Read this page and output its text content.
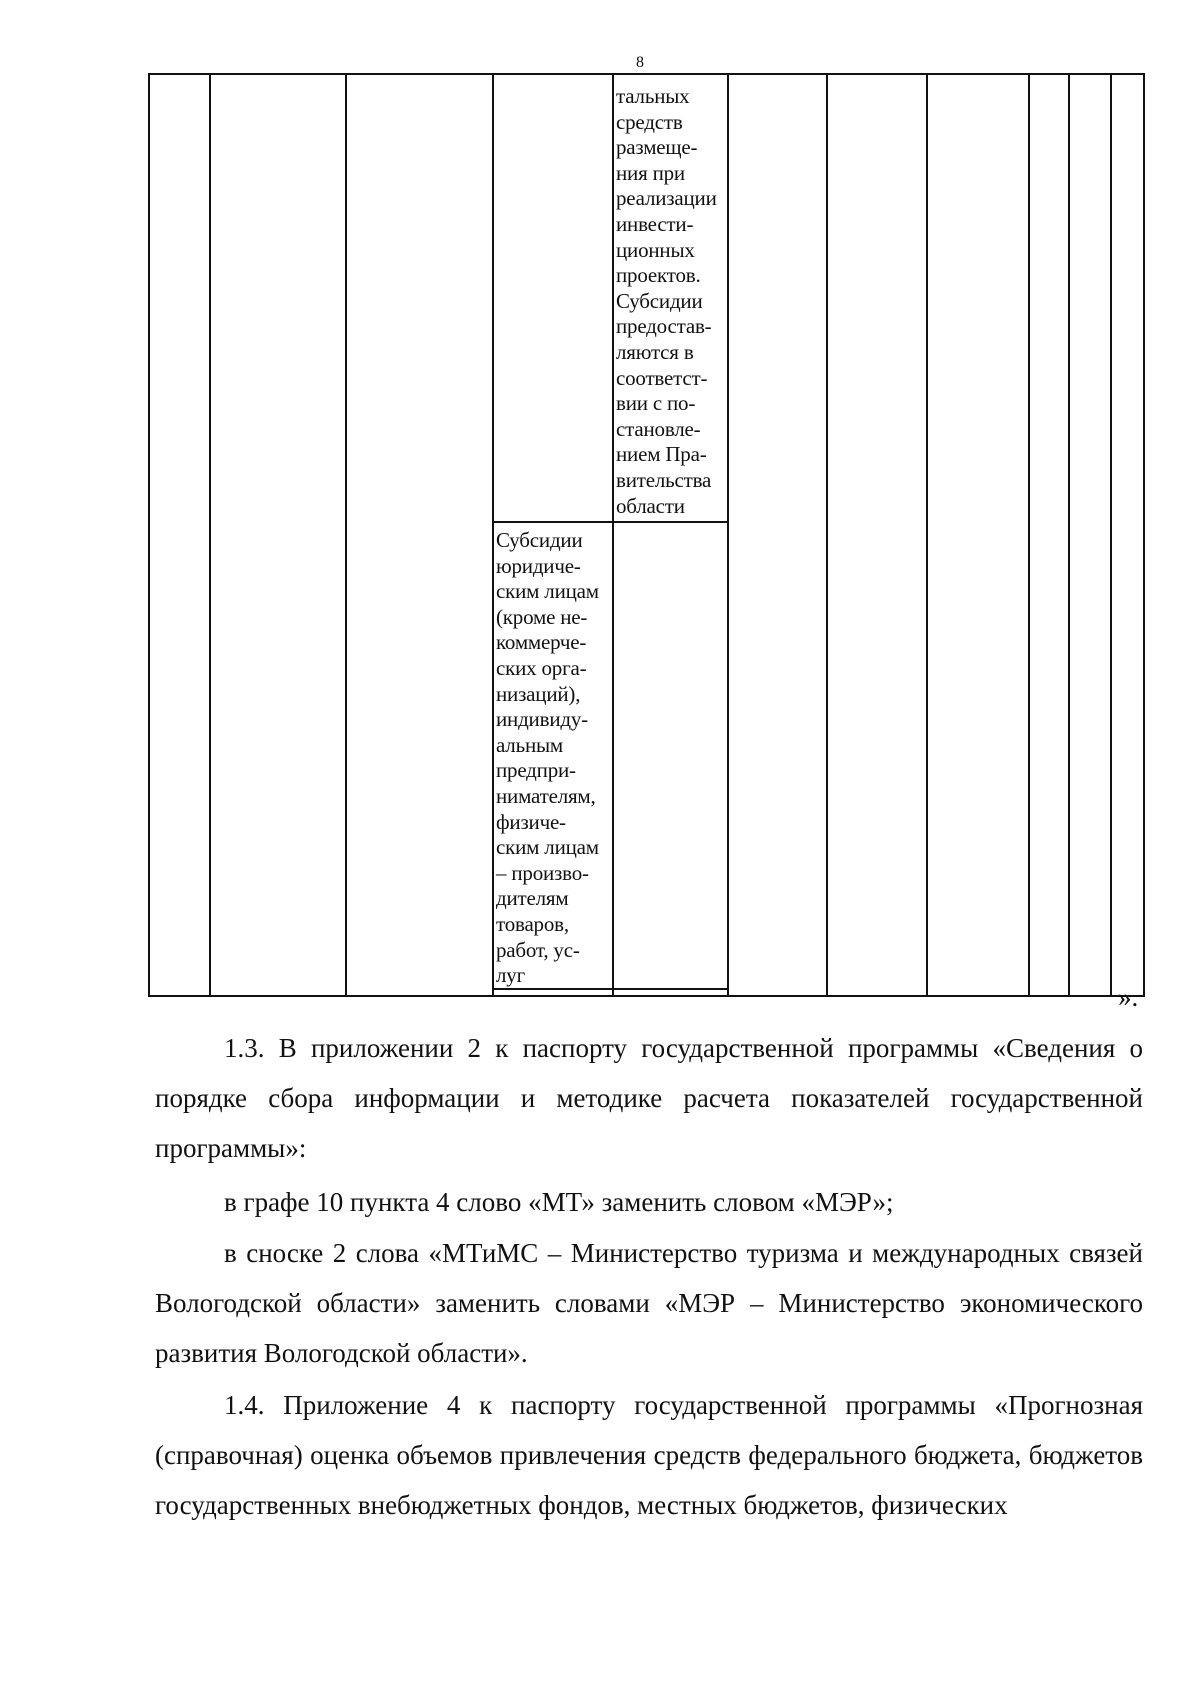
8

тальных
средств
размеще-
ния при
реализации
инвести-
ционных
проектов.
Субсидии
предостав-
ляются в
соответст-
вии с по-
становле-
нием Пра-
вительства
области

Субсидии
юридиче-
ским лицам
(кроме не-
коммерче-
ских орга-
низаций),
индивиду-
альным
предпри-
нимателям,
физиче-
ским лицам
– произво-
дителям
товаров,
работ, ус-
луг

».

1.3. В приложении 2 к паспорту государственной программы «Сведения о порядке сбора информации и методике расчета показателей государственной программы»:

в графе 10 пункта 4 слово «МТ» заменить словом «МЭР»;

в сноске 2 слова «МТиМС – Министерство туризма и международных связей Вологодской области» заменить словами «МЭР – Министерство экономического развития Вологодской области».

1.4. Приложение 4 к паспорту государственной программы «Прогнозная (справочная) оценка объемов привлечения средств федерального бюджета, бюджетов государственных внебюджетных фондов, местных бюджетов, физических
